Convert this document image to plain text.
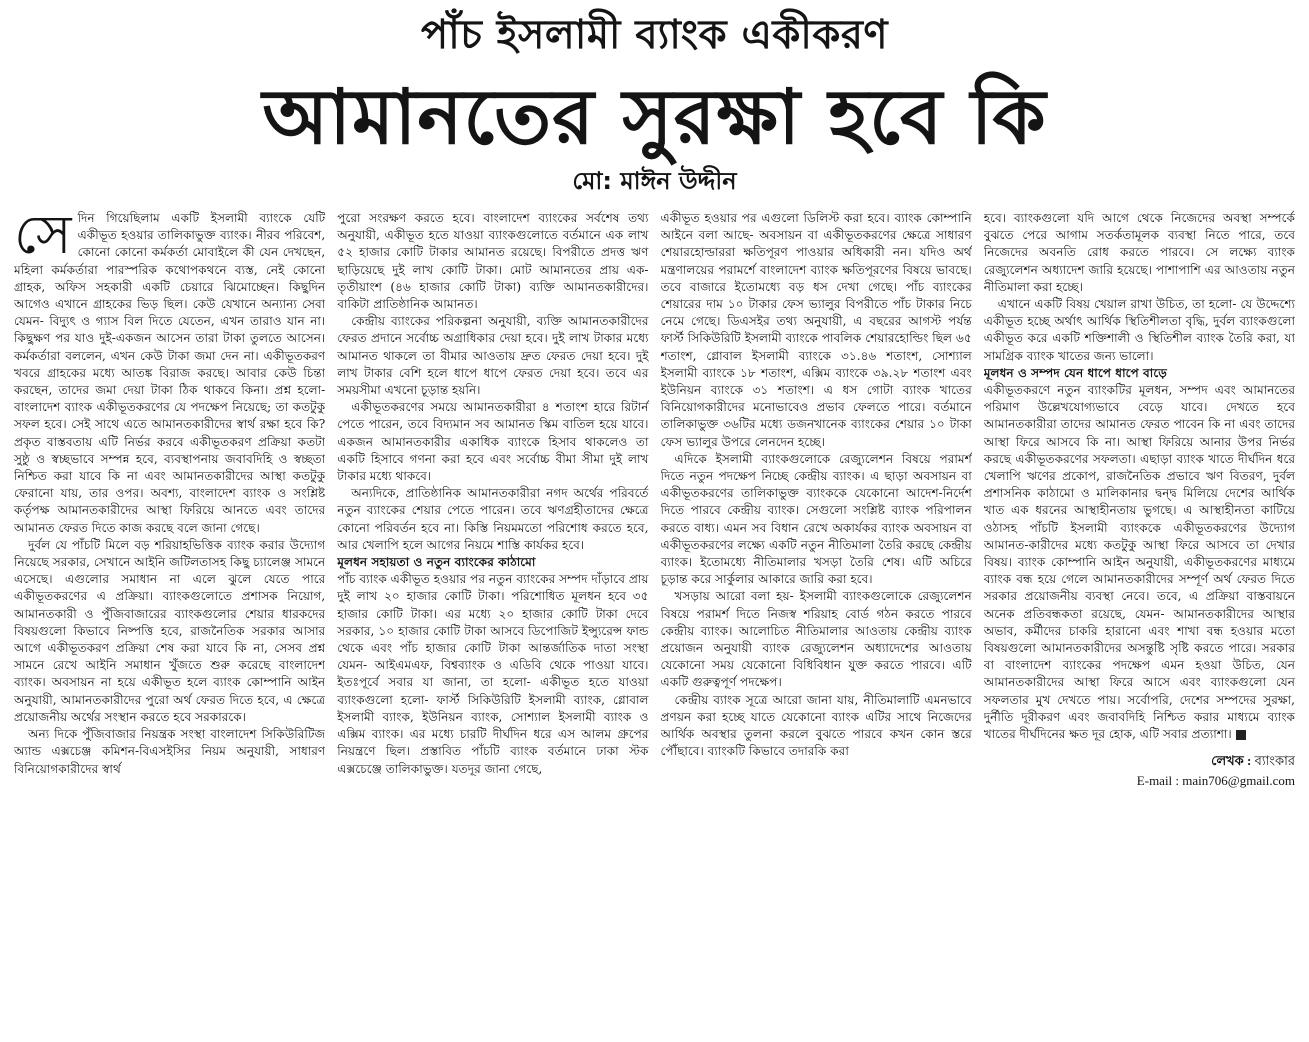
পাঁচ ইসলামী ব্যাংক একীকরণ
আমানতের সুরক্ষা হবে কি
মো: মাঈন উদ্দীন

সেদিন গিয়েছিলাম একটি ইসলামী ব্যাংকে যেটি একীভূত হওয়ার তালিকাভুক্ত ব্যাংক। নীরব পরিবেশ, কোনো কোনো কর্মকর্তা মোবাইলে কী যেন দেখছেন, মহিলা কর্মকর্তারা পারস্পরিক কথোপকথনে ব্যস্ত, নেই কোনো গ্রাহক, অফিস সহকারী একটি চেয়ারে ঝিমোচ্ছেন। কিছুদিন আগেও এখানে গ্রাহকের ভিড় ছিল। কেউ যেখানে অন্যান্য সেবা যেমন- বিদ্যুৎ ও গ্যাস বিল দিতে যেতেন, এখন তারাও যান না। কিছুক্ষণ পর যাও দুই-একজন আসেন তারা টাকা তুলতে আসেন। কর্মকর্তারা বললেন, এখন কেউ টাকা জমা দেন না। একীভূতকরণ খবরে গ্রাহকের মধ্যে আতঙ্ক বিরাজ করছে। আবার কেউ চিন্তা করছেন, তাদের জমা দেয়া টাকা ঠিক থাকবে কিনা। প্রশ্ন হলো- বাংলাদেশ ব্যাংক একীভূতকরণের যে পদক্ষেপ নিয়েছে; তা কতটুকু সফল হবে। সেই সাথে এতে আমানতকারীদের স্বার্থ রক্ষা হবে কি? প্রকৃত বাস্তবতায় এটি নির্ভর করবে একীভূতকরণ প্রক্রিয়া কতটা সুষ্ঠু ও স্বচ্ছভাবে সম্পন্ন হবে, ব্যবস্থাপনায় জবাবদিহি ও স্বচ্ছতা নিশ্চিত করা যাবে কি না এবং আমানতকারীদের আস্থা কতটুকু ফেরানো যায়, তার ওপর। অবশ্য, বাংলাদেশ ব্যাংক ও সংশ্লিষ্ট কর্তৃপক্ষ আমানতকারীদের আস্থা ফিরিয়ে আনতে এবং তাদের আমানত ফেরত দিতে কাজ করছে বলে জানা গেছে।

দুর্বল যে পাঁচটি মিলে বড় শরিয়াহভিত্তিক ব্যাংক করার উদ্যোগ নিয়েছে সরকার, সেখানে আইনি জটিলতাসহ কিছু চ্যালেঞ্জ সামনে এসেছে। এগুলোর সমাধান না এলে ঝুলে যেতে পারে একীভূতকরণের এ প্রক্রিয়া। ব্যাংকগুলোতে প্রশাসক নিয়োগ, আমানতকারী ও পুঁজিবাজারের ব্যাংকগুলোর শেয়ার ধারকদের বিষয়গুলো কিভাবে নিষ্পত্তি হবে, রাজনৈতিক সরকার আসার আগে একীভূতকরণ প্রক্রিয়া শেষ করা যাবে কি না, সেসব প্রশ্ন সামনে রেখে আইনি সমাধান খুঁজতে শুরু করেছে বাংলাদেশ ব্যাংক। অবসায়ন না হয়ে একীভূত হলে ব্যাংক কোম্পানি আইন অনুযায়ী, আমানতকারীদের পুরো অর্থ ফেরত দিতে হবে, এ ক্ষেত্রে প্রয়োজনীয় অর্থের সংস্থান করতে হবে সরকারকে।

অন্য দিকে পুঁজিবাজার নিয়ন্ত্রক সংস্থা বাংলাদেশ সিকিউরিটিজ অ্যান্ড এক্সচেঞ্জ কমিশন-বিএসইসির নিয়ম অনুযায়ী, সাধারণ বিনিয়োগকারীদের স্বার্থ

পুরো সংরক্ষণ করতে হবে। বাংলাদেশ ব্যাংকের সর্বশেষ তথ্য অনুযায়ী, একীভূত হতে যাওয়া ব্যাংকগুলোতে বর্তমানে এক লাখ ৫২ হাজার কোটি টাকার আমানত রয়েছে। বিপরীতে প্রদত্ত ঋণ ছাড়িয়েছে দুই লাখ কোটি টাকা। মোট আমানতের প্রায় এক-তৃতীয়াংশ (৪৬ হাজার কোটি টাকা) ব্যক্তি আমানতকারীদের। বাকিটা প্রাতিষ্ঠানিক আমানত।

কেন্দ্রীয় ব্যাংকের পরিকল্পনা অনুযায়ী, ব্যক্তি আমানতকারীদের ফেরত প্রদানে সর্বোচ্চ অগ্রাধিকার দেয়া হবে। দুই লাখ টাকার মধ্যে আমানত থাকলে তা বীমার আওতায় দ্রুত ফেরত দেয়া হবে। দুই লাখ টাকার বেশি হলে ধাপে ধাপে ফেরত দেয়া হবে। তবে এর সময়সীমা এখনো চূড়ান্ত হয়নি।

একীভূতকরণের সময়ে আমানতকারীরা ৪ শতাংশ হারে রিটার্ন পেতে পারেন, তবে বিদ্যমান সব আমানত স্কিম বাতিল হয়ে যাবে। একজন আমানতকারীর একাধিক ব্যাংকে হিসাব থাকলেও তা একটি হিসাবে গণনা করা হবে এবং সর্বোচ্চ বীমা সীমা দুই লাখ টাকার মধ্যে থাকবে।

অন্যদিকে, প্রাতিষ্ঠানিক আমানতকারীরা নগদ অর্থের পরিবর্তে নতুন ব্যাংকের শেয়ার পেতে পারেন। তবে ঋণগ্রহীতাদের ক্ষেত্রে কোনো পরিবর্তন হবে না। কিস্তি নিয়মমতো পরিশোধ করতে হবে, আর খেলাপি হলে আগের নিয়মে শাস্তি কার্যকর হবে।

মূলধন সহায়তা ও নতুন ব্যাংকের কাঠামো

পাঁচ ব্যাংক একীভূত হওয়ার পর নতুন ব্যাংকের সম্পদ দাঁড়াবে প্রায় দুই লাখ ২০ হাজার কোটি টাকা। পরিশোধিত মূলধন হবে ৩৫ হাজার কোটি টাকা। এর মধ্যে ২০ হাজার কোটি টাকা দেবে সরকার, ১০ হাজার কোটি টাকা আসবে ডিপোজিট ইন্স্যুরেন্স ফান্ড থেকে এবং পাঁচ হাজার কোটি টাকা আন্তর্জাতিক দাতা সংস্থা যেমন- আইএমএফ, বিশ্বব্যাংক ও এডিবি থেকে পাওয়া যাবে। ইতঃপূর্বে সবার যা জানা, তা হলো- একীভূত হতে যাওয়া ব্যাংকগুলো হলো- ফার্স্ট সিকিউরিটি ইসলামী ব্যাংক, গ্লোবাল ইসলামী ব্যাংক, ইউনিয়ন ব্যাংক, সোশ্যাল ইসলামী ব্যাংক ও এক্সিম ব্যাংক। এর মধ্যে চারটি দীর্ঘদিন ধরে এস আলম গ্রুপের নিয়ন্ত্রণে ছিল। প্রস্তাবিত পাঁচটি ব্যাংক বর্তমানে ঢাকা স্টক এক্সচেঞ্জে তালিকাভুক্ত। যতদূর জানা গেছে,

একীভূত হওয়ার পর এগুলো ডিলিস্ট করা হবে। ব্যাংক কোম্পানি আইনে বলা আছে- অবসায়ন বা একীভূতকরণের ক্ষেত্রে সাধারণ শেয়ারহোল্ডাররা ক্ষতিপূরণ পাওয়ার অধিকারী নন। যদিও অর্থ মন্ত্রণালয়ের পরামর্শে বাংলাদেশ ব্যাংক ক্ষতিপূরণের বিষয়ে ভাবছে। তবে বাজারে ইতোমধ্যে বড় ধস দেখা গেছে। পাঁচ ব্যাংকের শেয়ারের দাম ১০ টাকার ফেস ভ্যালুর বিপরীতে পাঁচ টাকার নিচে নেমে গেছে। ডিএসইর তথ্য অনুযায়ী, এ বছরের আগস্ট পর্যন্ত ফার্স্ট সিকিউরিটি ইসলামী ব্যাংকে পাবলিক শেয়ারহোল্ডিং ছিল ৬৫ শতাংশ, গ্লোবাল ইসলামী ব্যাংকে ৩১.৪৬ শতাংশ, সোশ্যাল ইসলামী ব্যাংকে ১৮ শতাংশ, এক্সিম ব্যাংকে ৩৯.২৮ শতাংশ এবং ইউনিয়ন ব্যাংকে ৩১ শতাংশ। এ ধস গোটা ব্যাংক খাতের বিনিয়োগকারীদের মনোভাবেও প্রভাব ফেলতে পারে। বর্তমানে তালিকাভুক্ত ৩৬টির মধ্যে ডজনখানেক ব্যাংকের শেয়ার ১০ টাকা ফেস ভ্যালুর উপরে লেনদেন হচ্ছে।

এদিকে ইসলামী ব্যাংকগুলোকে রেজ্যুলেশন বিষয়ে পরামর্শ দিতে নতুন পদক্ষেপ নিচ্ছে কেন্দ্রীয় ব্যাংক। এ ছাড়া অবসায়ন বা একীভূতকরণের তালিকাভুক্ত ব্যাংককে যেকোনো আদেশ-নির্দেশ দিতে পারবে কেন্দ্রীয় ব্যাংক। সেগুলো সংশ্লিষ্ট ব্যাংক পরিপালন করতে বাধ্য। এমন সব বিধান রেখে অকার্যকর ব্যাংক অবসায়ন বা একীভূতকরণের লক্ষ্যে একটি নতুন নীতিমালা তৈরি করছে কেন্দ্রীয় ব্যাংক। ইতোমধ্যে নীতিমালার খসড়া তৈরি শেষ। এটি অচিরে চূড়ান্ত করে সার্কুলার আকারে জারি করা হবে।

খসড়ায় আরো বলা হয়- ইসলামী ব্যাংকগুলোকে রেজ্যুলেশন বিষয়ে পরামর্শ দিতে নিজস্ব শরিয়াহ বোর্ড গঠন করতে পারবে কেন্দ্রীয় ব্যাংক। আলোচিত নীতিমালার আওতায় কেন্দ্রীয় ব্যাংক প্রয়োজন অনুযায়ী ব্যাংক রেজ্যুলেশন অধ্যাদেশের আওতায় যেকোনো সময় যেকোনো বিধিবিধান যুক্ত করতে পারবে। এটি একটি গুরুত্বপূর্ণ পদক্ষেপ।

কেন্দ্রীয় ব্যাংক সূত্রে আরো জানা যায়, নীতিমালাটি এমনভাবে প্রণয়ন করা হচ্ছে যাতে যেকোনো ব্যাংক এটির সাথে নিজেদের আর্থিক অবস্থার তুলনা করলে বুঝতে পারবে কখন কোন স্তরে পৌঁছাবে। ব্যাংকটি কিভাবে তদারকি করা

হবে। ব্যাংকগুলো যদি আগে থেকে নিজেদের অবস্থা সম্পর্কে বুঝতে পেরে আগাম সতর্কতামূলক ব্যবস্থা নিতে পারে, তবে নিজেদের অবনতি রোধ করতে পারবে। সে লক্ষ্যে ব্যাংক রেজ্যুলেশন অধ্যাদেশ জারি হয়েছে। পাশাপাশি এর আওতায় নতুন নীতিমালা করা হচ্ছে।

এখানে একটি বিষয় খেয়াল রাখা উচিত, তা হলো- যে উদ্দেশ্যে একীভূত হচ্ছে অর্থাৎ আর্থিক স্থিতিশীলতা বৃদ্ধি, দুর্বল ব্যাংকগুলো একীভূত করে একটি শক্তিশালী ও স্থিতিশীল ব্যাংক তৈরি করা, যা সামগ্রিক ব্যাংক খাতের জন্য ভালো।

মূলধন ও সম্পদ যেন ধাপে ধাপে বাড়ে

একীভূতকরণে নতুন ব্যাংকটির মূলধন, সম্পদ এবং আমানতের পরিমাণ উল্লেখযোগ্যভাবে বেড়ে যাবে। দেখতে হবে আমানতকারীরা তাদের আমানত ফেরত পাবেন কি না এবং তাদের আস্থা ফিরে আসবে কি না। আস্থা ফিরিয়ে আনার উপর নির্ভর করছে একীভূতকরণের সফলতা। এছাড়া ব্যাংক খাতে দীর্ঘদিন ধরে খেলাপি ঋণের প্রকোপ, রাজনৈতিক প্রভাবে ঋণ বিতরণ, দুর্বল প্রশাসনিক কাঠামো ও মালিকানার দ্বন্দ্ব মিলিয়ে দেশের আর্থিক খাত এক ধরনের আস্থাহীনতায় ভুগছে। এ আস্থাহীনতা কাটিয়ে ওঠাসহ পাঁচটি ইসলামী ব্যাংককে একীভূতকরণের উদ্যোগ আমানত-কারীদের মধ্যে কতটুকু আস্থা ফিরে আসবে তা দেখার বিষয়। ব্যাংক কোম্পানি আইন অনুযায়ী, একীভূতকরণের মাধ্যমে ব্যাংক বন্ধ হয়ে গেলে আমানতকারীদের সম্পূর্ণ অর্থ ফেরত দিতে সরকার প্রয়োজনীয় ব্যবস্থা নেবে। তবে, এ প্রক্রিয়া বাস্তবায়নে অনেক প্রতিবন্ধকতা রয়েছে, যেমন- আমানতকারীদের আস্থার অভাব, কর্মীদের চাকরি হারানো এবং শাখা বন্ধ হওয়ার মতো বিষয়গুলো আমানতকারীদের অসন্তুষ্টি সৃষ্টি করতে পারে। সরকার বা বাংলাদেশ ব্যাংকের পদক্ষেপ এমন হওয়া উচিত, যেন আমানতকারীদের আস্থা ফিরে আসে এবং ব্যাংকগুলো যেন সফলতার মুখ দেখতে পায়। সর্বোপরি, দেশের সম্পদের সুরক্ষা, দুর্নীতি দূরীকরণ এবং জবাবদিহি নিশ্চিত করার মাধ্যমে ব্যাংক খাতের দীর্ঘদিনের ক্ষত দূর হোক, এটি সবার প্রত্যাশা।

লেখক : ব্যাংকার
E-mail : main706@gmail.com
